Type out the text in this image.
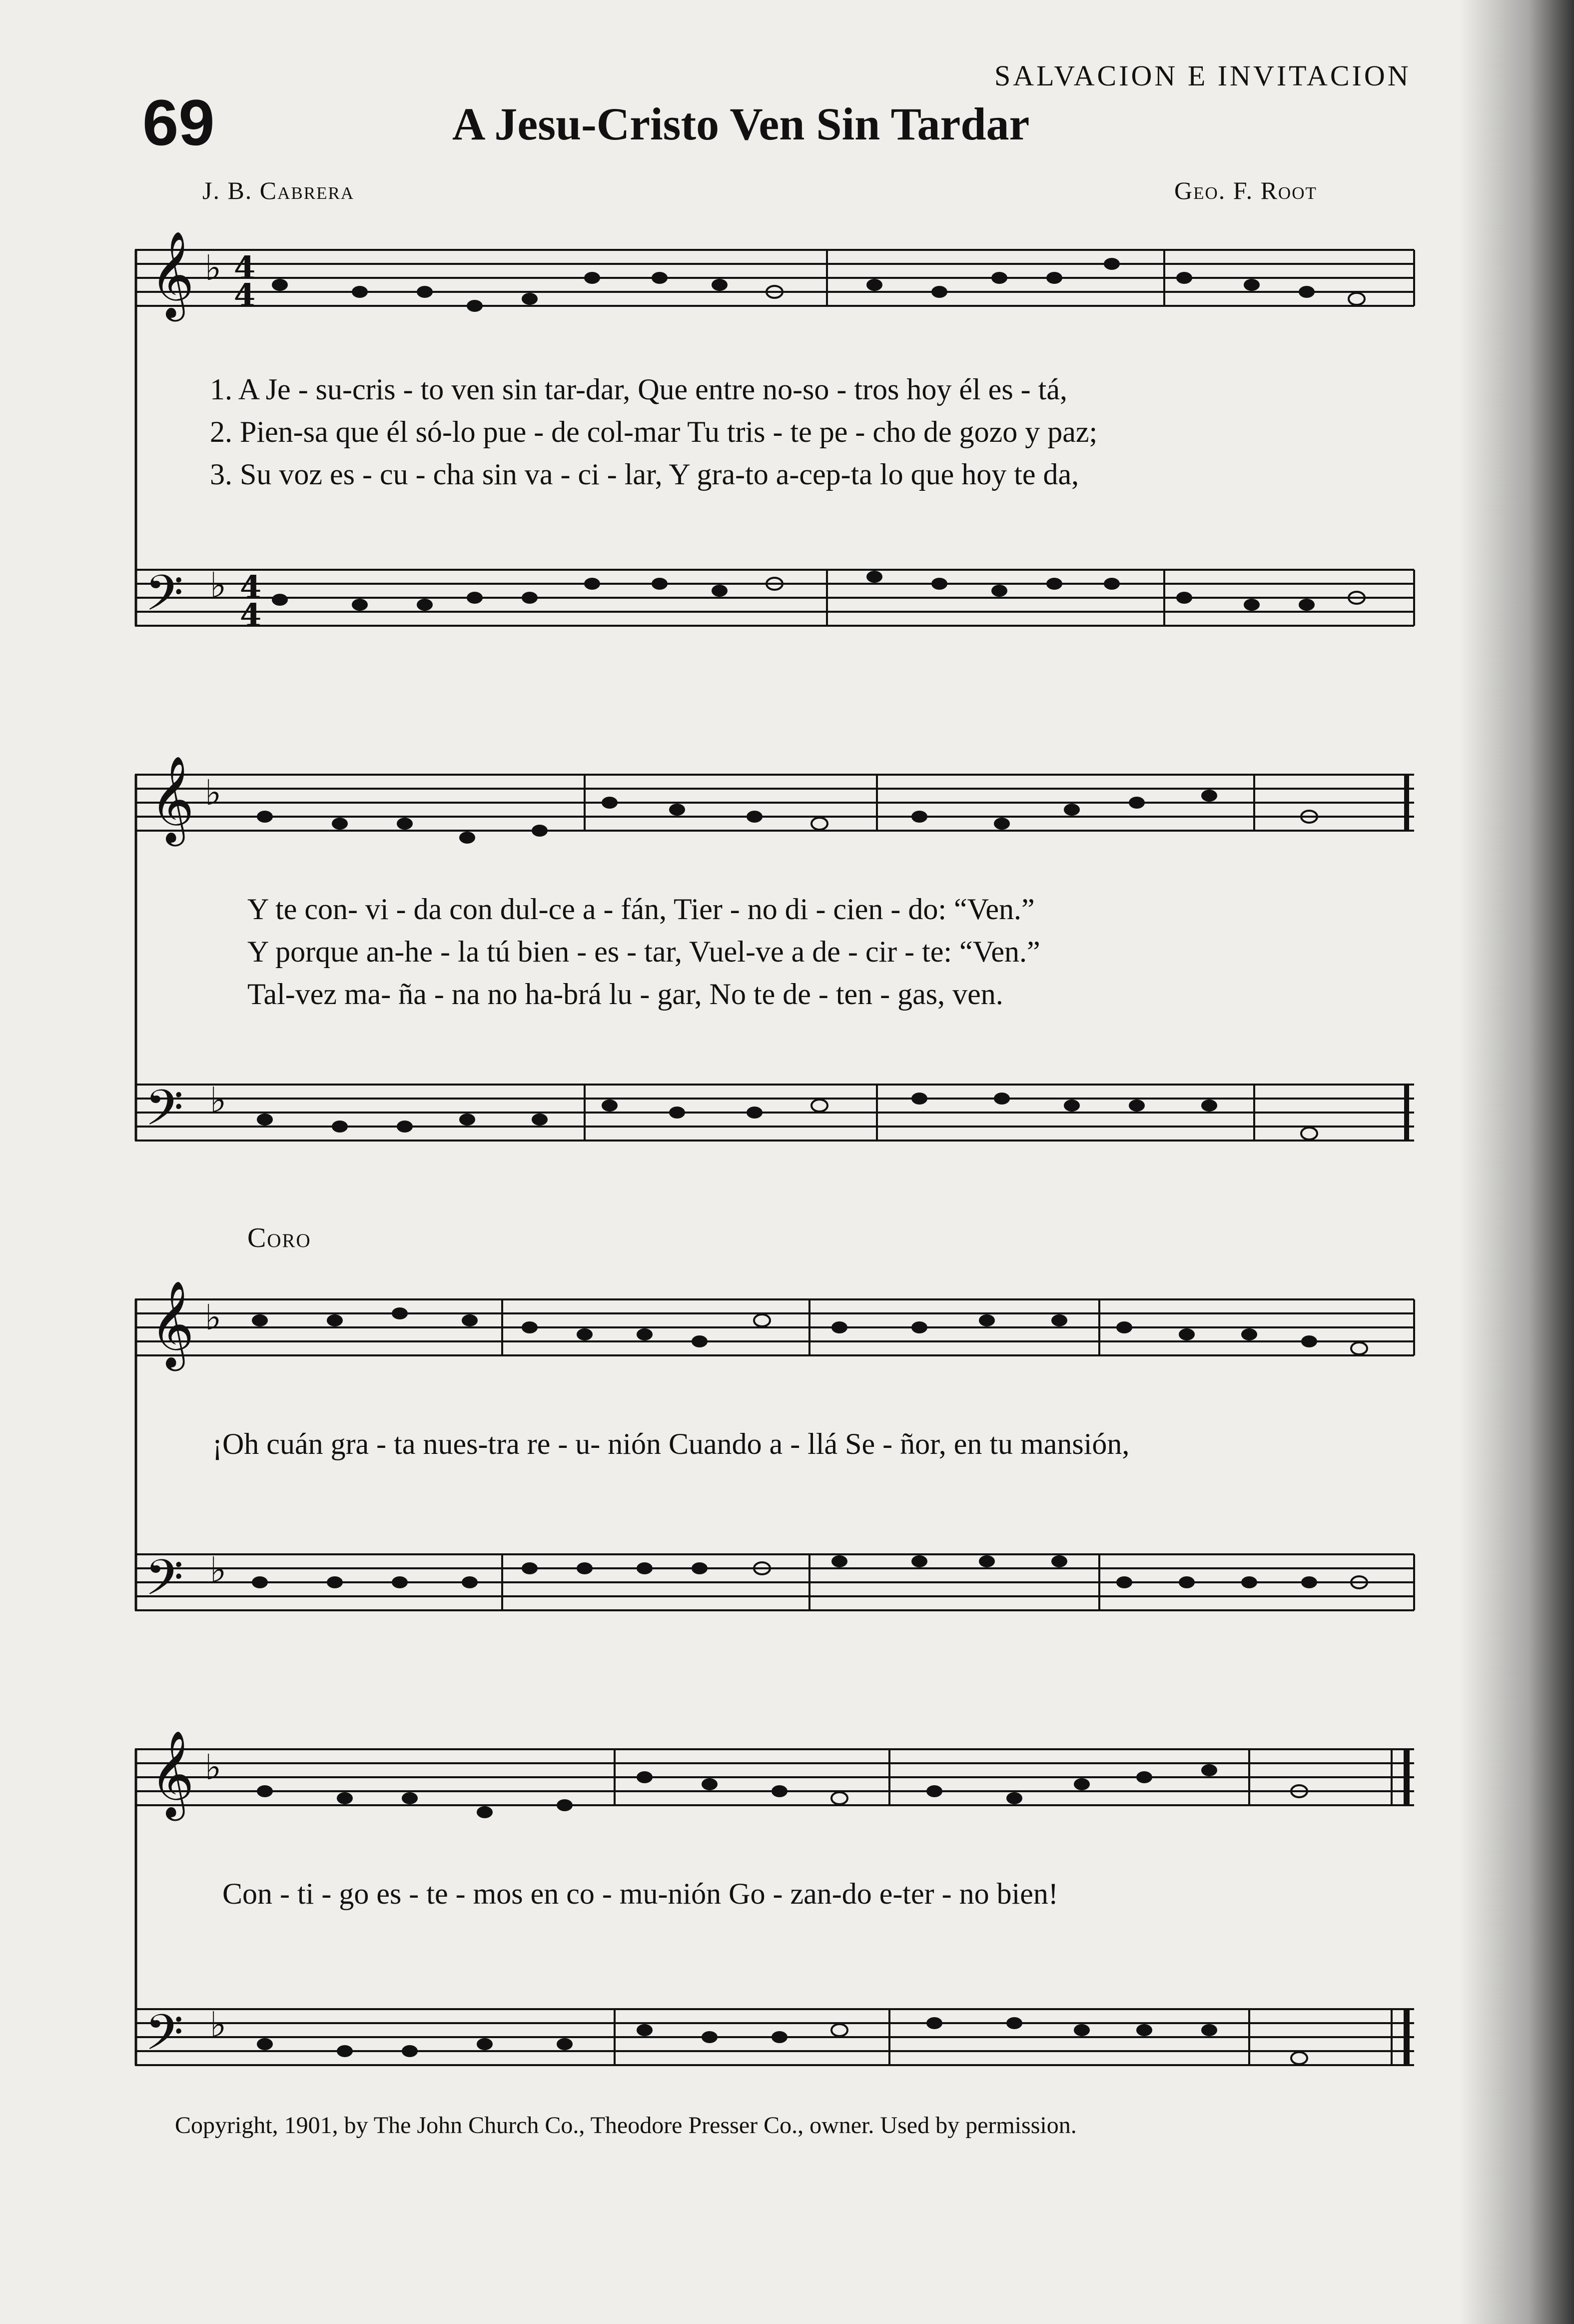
SALVACION E INVITACION
69	A Jesu-Cristo Ven Sin Tardar
J. B. Cabrera	Geo. F. Root
𝄞 ♭ 4
4
𝄢 ♭ 4
4
1. A Je - su-cris - to ven sin tar-dar, Que entre no-so - tros hoy él es - tá,
2. Pien-sa que él só-lo pue - de col-mar Tu tris - te pe - cho de gozo y paz;
3. Su voz es - cu - cha sin va - ci - lar, Y gra-to a-cep-ta lo que hoy te da,
𝄞 ♭
𝄢 ♭
Y te con- vi - da con dul-ce a - fán, Tier - no di - cien - do: “Ven.”
Y porque an-he - la tú bien - es - tar, Vuel-ve a de - cir - te: “Ven.”
Tal-vez ma- ña - na no ha-brá lu - gar, No te de - ten - gas, ven.
Coro
𝄞 ♭
𝄢 ♭
¡Oh cuán gra - ta nues-tra re - u- nión Cuando a - llá Se - ñor, en tu mansión,
𝄞 ♭
𝄢 ♭
Con - ti - go es - te - mos en co - mu-nión Go - zan-do e-ter - no bien!
Copyright, 1901, by The John Church Co., Theodore Presser Co., owner. Used by permission.
